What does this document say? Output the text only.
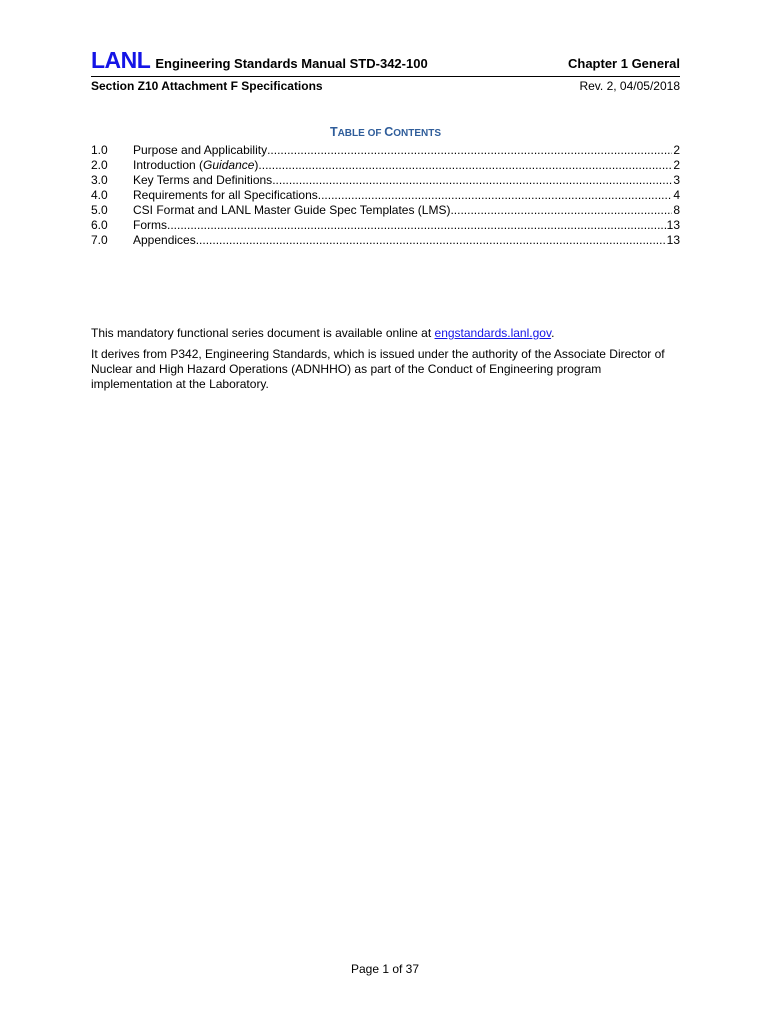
LANL Engineering Standards Manual STD-342-100	Chapter 1 General
Section Z10 Attachment F Specifications	Rev. 2, 04/05/2018
TABLE OF CONTENTS
1.0	Purpose and Applicability .....	2
2.0	Introduction (Guidance) .....	2
3.0	Key Terms and Definitions .....	3
4.0	Requirements for all Specifications .....	4
5.0	CSI Format and LANL Master Guide Spec Templates (LMS) .....	8
6.0	Forms .....	13
7.0	Appendices .....	13

This mandatory functional series document is available online at engstandards.lanl.gov.

It derives from P342, Engineering Standards, which is issued under the authority of the Associate Director of Nuclear and High Hazard Operations (ADNHHO) as part of the Conduct of Engineering program implementation at the Laboratory.

Page 1 of 37
